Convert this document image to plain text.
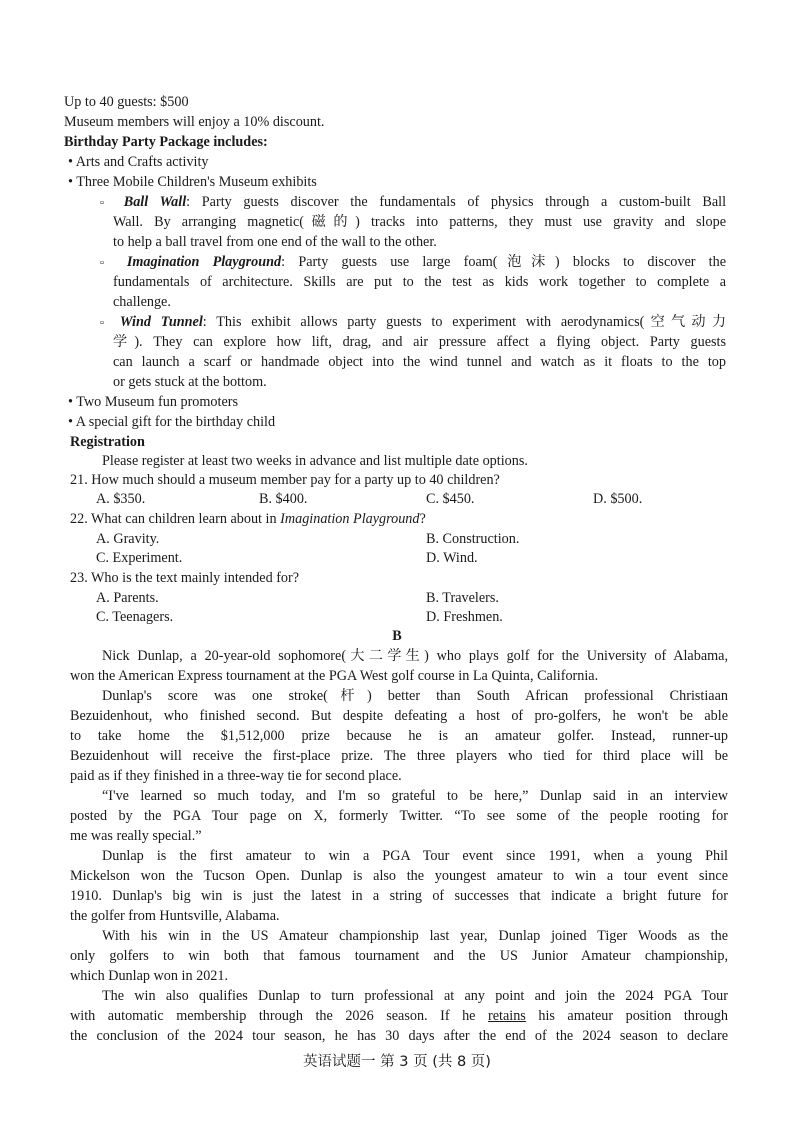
Up to 40 guests: $500
Museum members will enjoy a 10% discount.
Birthday Party Package includes:
• Arts and Crafts activity
• Three Mobile Children's Museum exhibits
▫ Ball Wall: Party guests discover the fundamentals of physics through a custom-built Ball
Wall. By arranging magnetic(磁的) tracks into patterns, they must use gravity and slope
to help a ball travel from one end of the wall to the other.
▫ Imagination Playground: Party guests use large foam(泡沫) blocks to discover the
fundamentals of architecture. Skills are put to the test as kids work together to complete a
challenge.
▫ Wind Tunnel: This exhibit allows party guests to experiment with aerodynamics(空气动力
学). They can explore how lift, drag, and air pressure affect a flying object. Party guests
can launch a scarf or handmade object into the wind tunnel and watch as it floats to the top
or gets stuck at the bottom.
• Two Museum fun promoters
• A special gift for the birthday child
Registration
Please register at least two weeks in advance and list multiple date options.
21. How much should a museum member pay for a party up to 40 children?
A. $350.	B. $400.	C. $450.	D. $500.
22. What can children learn about in Imagination Playground?
A. Gravity.	B. Construction.
C. Experiment.	D. Wind.
23. Who is the text mainly intended for?
A. Parents.	B. Travelers.
C. Teenagers.	D. Freshmen.
B
Nick Dunlap, a 20-year-old sophomore(大二学生) who plays golf for the University of Alabama,
won the American Express tournament at the PGA West golf course in La Quinta, California.
Dunlap's score was one stroke(杆) better than South African professional Christiaan
Bezuidenhout, who finished second. But despite defeating a host of pro-golfers, he won't be able
to take home the $1,512,000 prize because he is an amateur golfer. Instead, runner-up
Bezuidenhout will receive the first-place prize. The three players who tied for third place will be
paid as if they finished in a three-way tie for second place.
“I've learned so much today, and I'm so grateful to be here,” Dunlap said in an interview
posted by the PGA Tour page on X, formerly Twitter. “To see some of the people rooting for
me was really special.”
Dunlap is the first amateur to win a PGA Tour event since 1991, when a young Phil
Mickelson won the Tucson Open. Dunlap is also the youngest amateur to win a tour event since
1910. Dunlap's big win is just the latest in a string of successes that indicate a bright future for
the golfer from Huntsville, Alabama.
With his win in the US Amateur championship last year, Dunlap joined Tiger Woods as the
only golfers to win both that famous tournament and the US Junior Amateur championship,
which Dunlap won in 2021.
The win also qualifies Dunlap to turn professional at any point and join the 2024 PGA Tour
with automatic membership through the 2026 season. If he retains his amateur position through
the conclusion of the 2024 tour season, he has 30 days after the end of the 2024 season to declare
英语试题一 第 3 页 (共 8 页)
